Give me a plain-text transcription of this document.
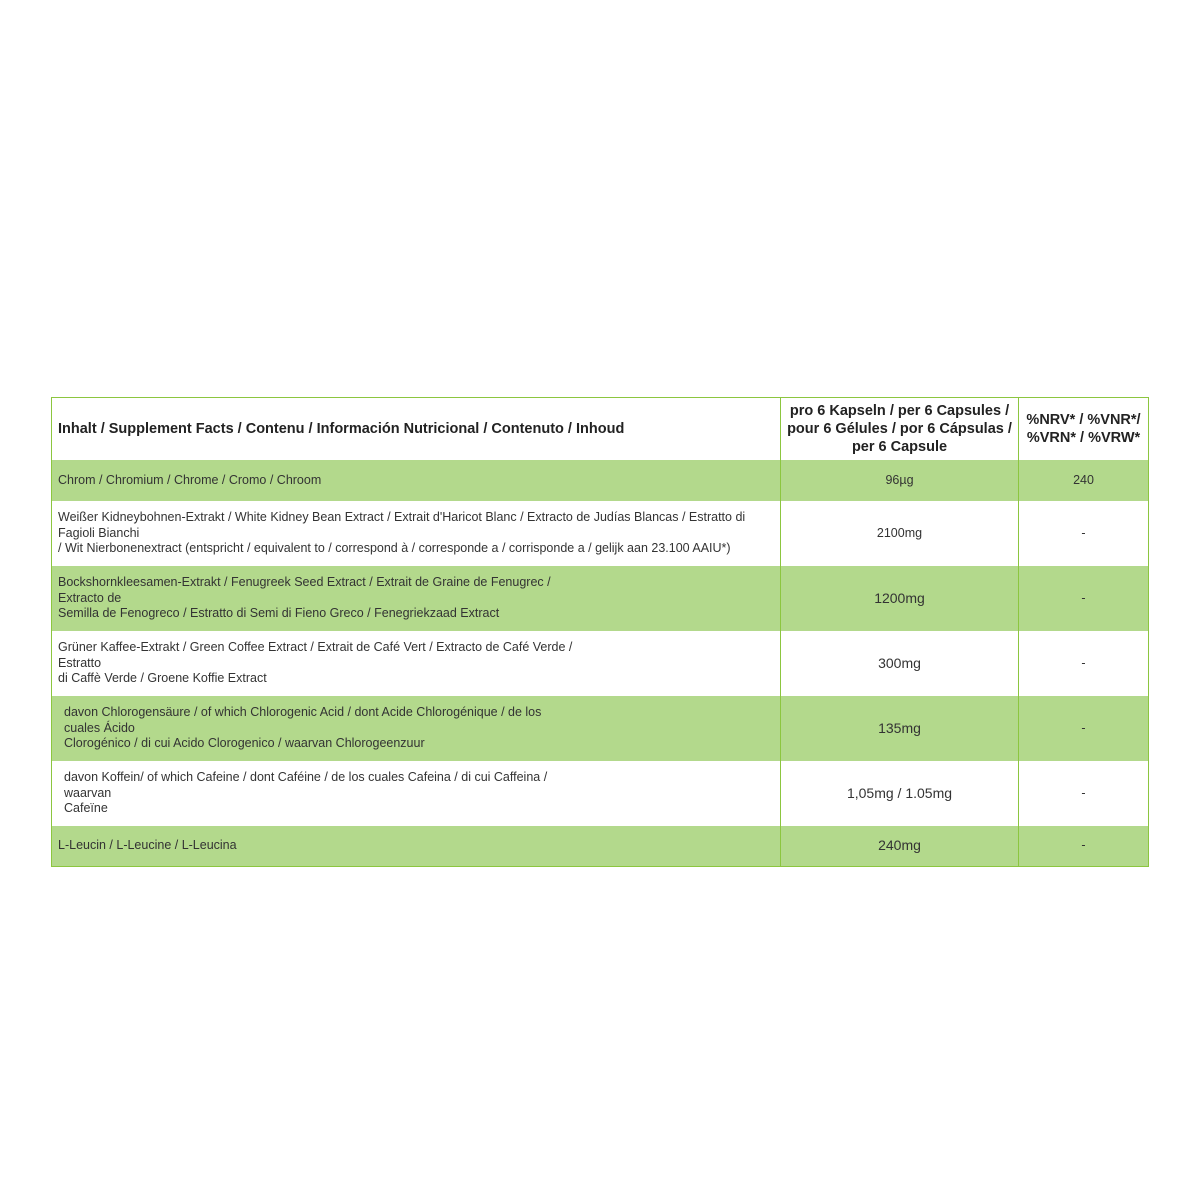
Inhalt / Supplement Facts / Contenu / Información Nutricional / Contenuto / Inhoud	pro 6 Kapseln / per 6 Capsules /
pour 6 Gélules / por 6 Cápsulas /
per 6 Capsule	%NRV* / %VNR*/
%VRN* / %VRW*
Chrom / Chromium / Chrome / Cromo / Chroom	96µg	240
Weißer Kidneybohnen-Extrakt / White Kidney Bean Extract / Extrait d'Haricot Blanc / Extracto de Judías Blancas / Estratto di Fagioli Bianchi
/ Wit Nierbonenextract (entspricht / equivalent to / correspond à / corresponde a / corrisponde a / gelijk aan 23.100 AAIU*)	2100mg	-
Bockshornkleesamen-Extrakt / Fenugreek Seed Extract / Extrait de Graine de Fenugrec / Extracto de
Semilla de Fenogreco / Estratto di Semi di Fieno Greco / Fenegriekzaad Extract	1200mg	-
Grüner Kaffee-Extrakt / Green Coffee Extract / Extrait de Café Vert / Extracto de Café Verde / Estratto
di Caffè Verde / Groene Koffie Extract	300mg	-
davon Chlorogensäure / of which Chlorogenic Acid / dont Acide Chlorogénique / de los cuales Ácido
Clorogénico / di cui Acido Clorogenico / waarvan Chlorogeenzuur	135mg	-
davon Koffein/ of which Cafeine / dont Caféine / de los cuales Cafeina / di cui Caffeina / waarvan
Cafeïne	1,05mg / 1.05mg	-
L-Leucin / L-Leucine / L-Leucina	240mg	-
